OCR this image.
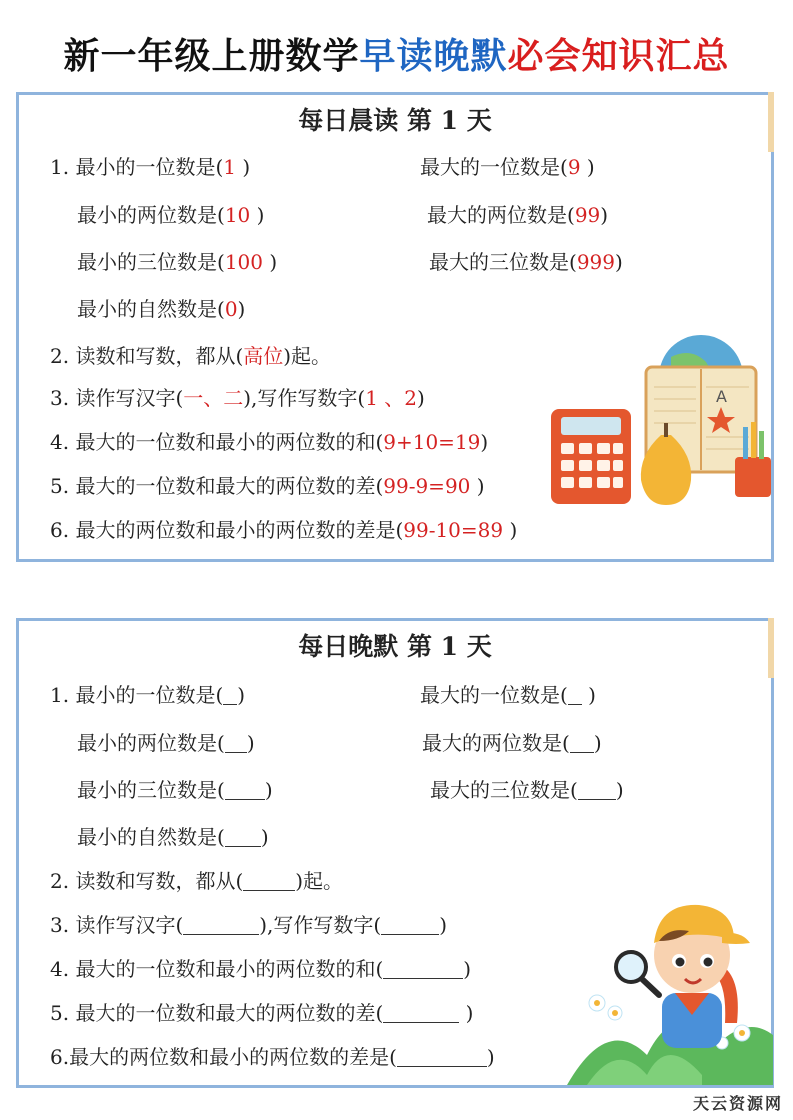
新一年级上册数学早读晚默必会知识汇总
每日晨读 第 1 天
1. 最小的一位数是(1 )	最大的一位数是(9 )
最小的两位数是(10 )	最大的两位数是(99)
最小的三位数是(100 )	最大的三位数是(999)
最小的自然数是(0)
2. 读数和写数，都从(高位)起。
3. 读作写汉字(一、二),写作写数字(1 、2)
4. 最大的一位数和最小的两位数的和(9+10=19)
5. 最大的一位数和最大的两位数的差(99-9=90 )
6. 最大的两位数和最小的两位数的差是(99-10=89 )
A
每日晚默 第 1 天
1. 最小的一位数是( )	最大的一位数是( )
最小的两位数是( )	最大的两位数是( )
最小的三位数是( )	最大的三位数是( )
最小的自然数是( )
2. 读数和写数，都从(	)起。
3. 读作写汉字(	),写作写数字(	)
4. 最大的一位数和最小的两位数的和(	)
5. 最大的一位数和最大的两位数的差(	)
6.最大的两位数和最小的两位数的差是(	)
天云资源网
